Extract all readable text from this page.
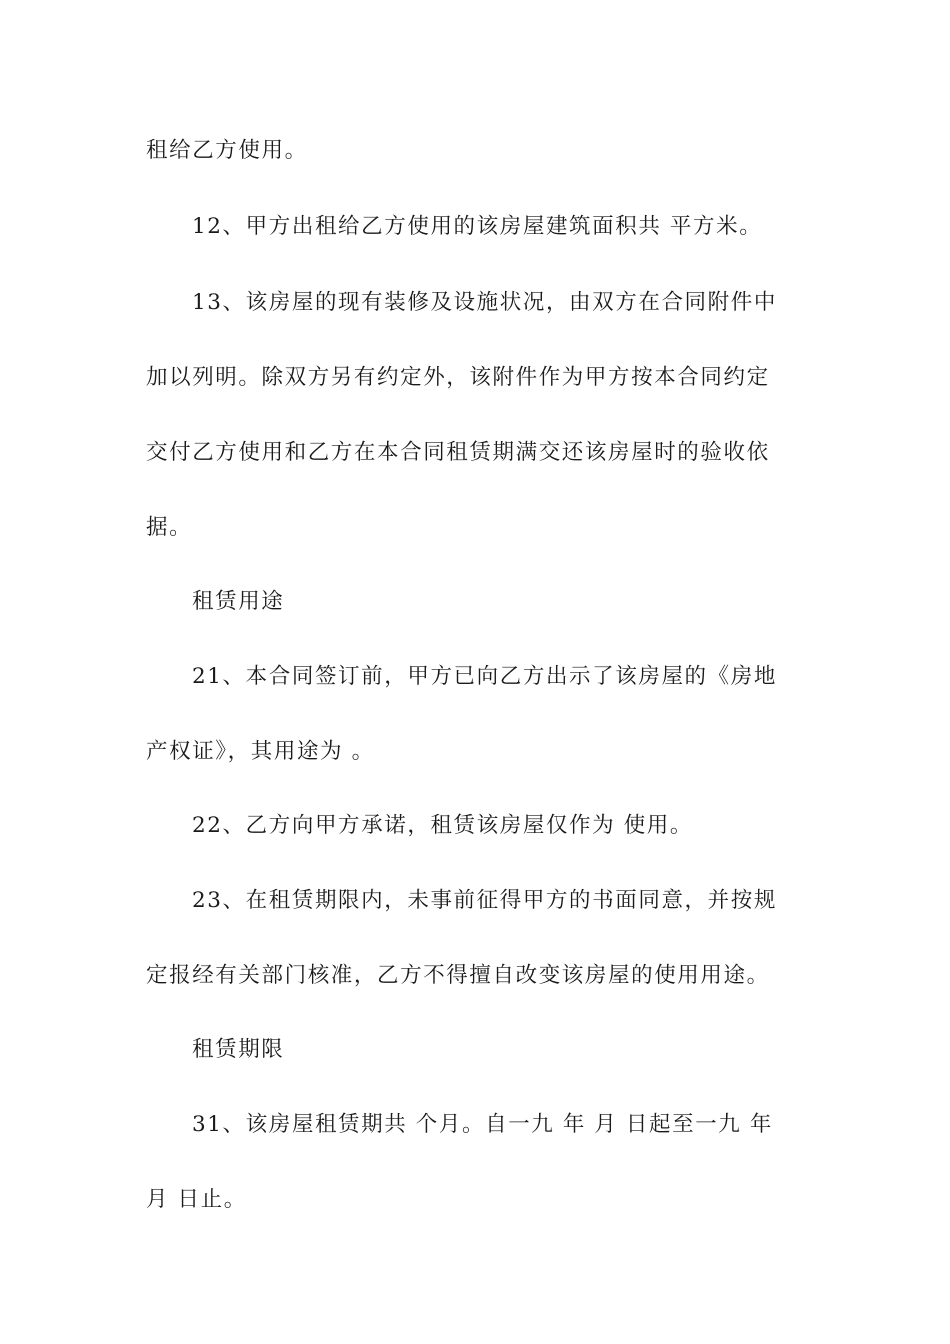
租给乙方使用。
12、甲方出租给乙方使用的该房屋建筑面积共 平方米。
13、该房屋的现有装修及设施状况，由双方在合同附件中
加以列明。除双方另有约定外，该附件作为甲方按本合同约定
交付乙方使用和乙方在本合同租赁期满交还该房屋时的验收依
据。
租赁用途
21、本合同签订前，甲方已向乙方出示了该房屋的《房地
产权证》，其用途为 。
22、乙方向甲方承诺，租赁该房屋仅作为 使用。
23、在租赁期限内，未事前征得甲方的书面同意，并按规
定报经有关部门核准，乙方不得擅自改变该房屋的使用用途。
租赁期限
31、该房屋租赁期共 个月。自一九 年 月 日起至一九 年
月 日止。
